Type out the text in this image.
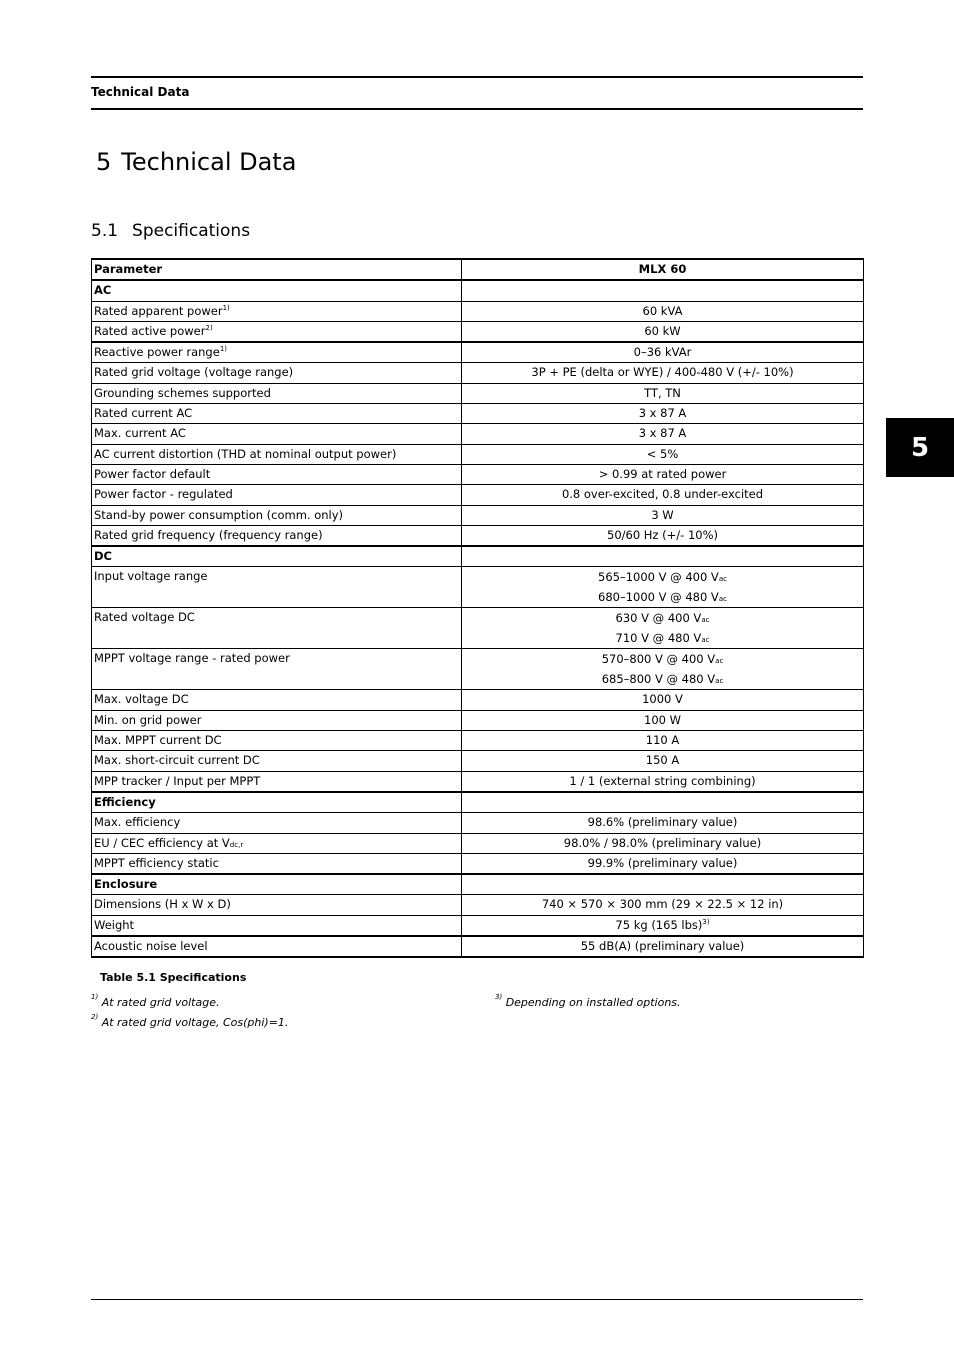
Technical Data
5 Technical Data
5.1 Specifications
5
Parameter	MLX 60
AC	
Rated apparent power$^{1)}$	60 kVA
Rated active power$^{2)}$	60 kW
Reactive power range$^{1)}$	0–36 kVAr
Rated grid voltage (voltage range)	3P + PE (delta or WYE) / 400-480 V (+/- 10%)
Grounding schemes supported	TT, TN
Rated current AC	3 x 87 A
Max. current AC	3 x 87 A
AC current distortion (THD at nominal output power)	< 5%
Power factor default	> 0.99 at rated power
Power factor - regulated	0.8 over-excited, 0.8 under-excited
Stand-by power consumption (comm. only)	3 W
Rated grid frequency (frequency range)	50/60 Hz (+/- 10%)
DC	
Input voltage range	565–1000 V @ 400 $V_{ac}$
680–1000 V @ 480 $V_{ac}$

Rated voltage DC	630 V @ 400 $V_{ac}$
710 V @ 480 $V_{ac}$

MPPT voltage range - rated power	570–800 V @ 400 $V_{ac}$
685–800 V @ 480 $V_{ac}$

Max. voltage DC	1000 V
Min. on grid power	100 W
Max. MPPT current DC	110 A
Max. short-circuit current DC	150 A
MPP tracker / Input per MPPT	1 / 1 (external string combining)
Efficiency	
Max. efficiency	98.6% (preliminary value)
EU / CEC efficiency at $V_{dc,r}$	98.0% / 98.0% (preliminary value)
MPPT efficiency static	99.9% (preliminary value)
Enclosure	
Dimensions (H x W x D)	740 × 570 × 300 mm (29 × 22.5 × 12 in)
Weight	75 kg (165 lbs)$^{3)}$
Acoustic noise level	55 dB(A) (preliminary value)
Table 5.1 Specifications
$^{1)}$ At rated grid voltage.
$^{2)}$ At rated grid voltage, Cos(phi)=1.
$^{3)}$ Depending on installed options.
